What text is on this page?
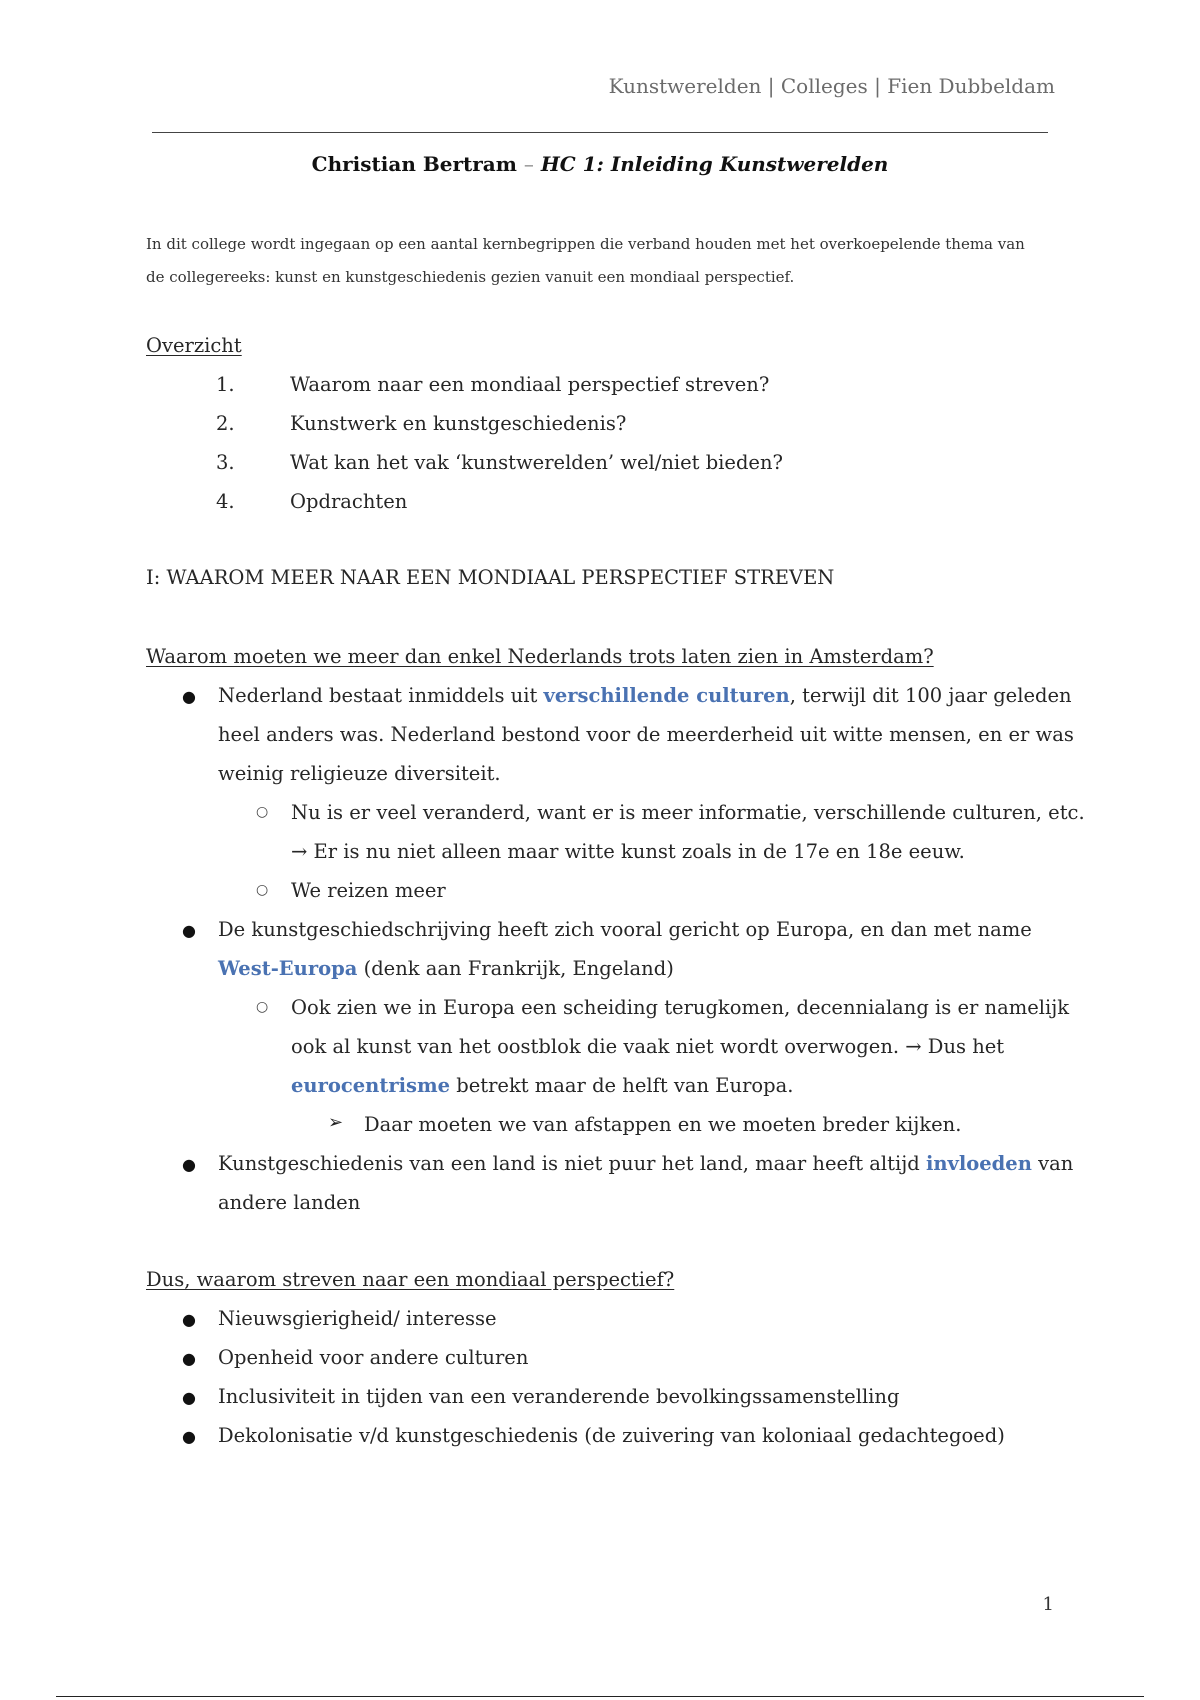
Kunstwerelden | Colleges | Fien Dubbeldam
Christian Bertram – HC 1: Inleiding Kunstwerelden

In dit college wordt ingegaan op een aantal kernbegrippen die verband houden met het overkoepelende thema van

de collegereeks: kunst en kunstgeschiedenis gezien vanuit een mondiaal perspectief.

Overzicht
1.	Waarom naar een mondiaal perspectief streven?
2.	Kunstwerk en kunstgeschiedenis?
3.	Wat kan het vak ‘kunstwerelden’ wel/niet bieden?
4.	Opdrachten
I: WAAROM MEER NAAR EEN MONDIAAL PERSPECTIEF STREVEN
Waarom moeten we meer dan enkel Nederlands trots laten zien in Amsterdam?
● Nederland bestaat inmiddels uit verschillende culturen, terwijl dit 100 jaar geleden
heel anders was. Nederland bestond voor de meerderheid uit witte mensen, en er was
weinig religieuze diversiteit.
○ Nu is er veel veranderd, want er is meer informatie, verschillende culturen, etc.
→ Er is nu niet alleen maar witte kunst zoals in de 17e en 18e eeuw.
○ We reizen meer
● De kunstgeschiedschrijving heeft zich vooral gericht op Europa, en dan met name
West-Europa (denk aan Frankrijk, Engeland)
○ Ook zien we in Europa een scheiding terugkomen, decennialang is er namelijk
ook al kunst van het oostblok die vaak niet wordt overwogen. → Dus het
eurocentrisme betrekt maar de helft van Europa.
➢ Daar moeten we van afstappen en we moeten breder kijken.
● Kunstgeschiedenis van een land is niet puur het land, maar heeft altijd invloeden van
andere landen
Dus, waarom streven naar een mondiaal perspectief?
● Nieuwsgierigheid/ interesse
● Openheid voor andere culturen
● Inclusiviteit in tijden van een veranderende bevolkingssamenstelling
● Dekolonisatie v/d kunstgeschiedenis (de zuivering van koloniaal gedachtegoed)
1
